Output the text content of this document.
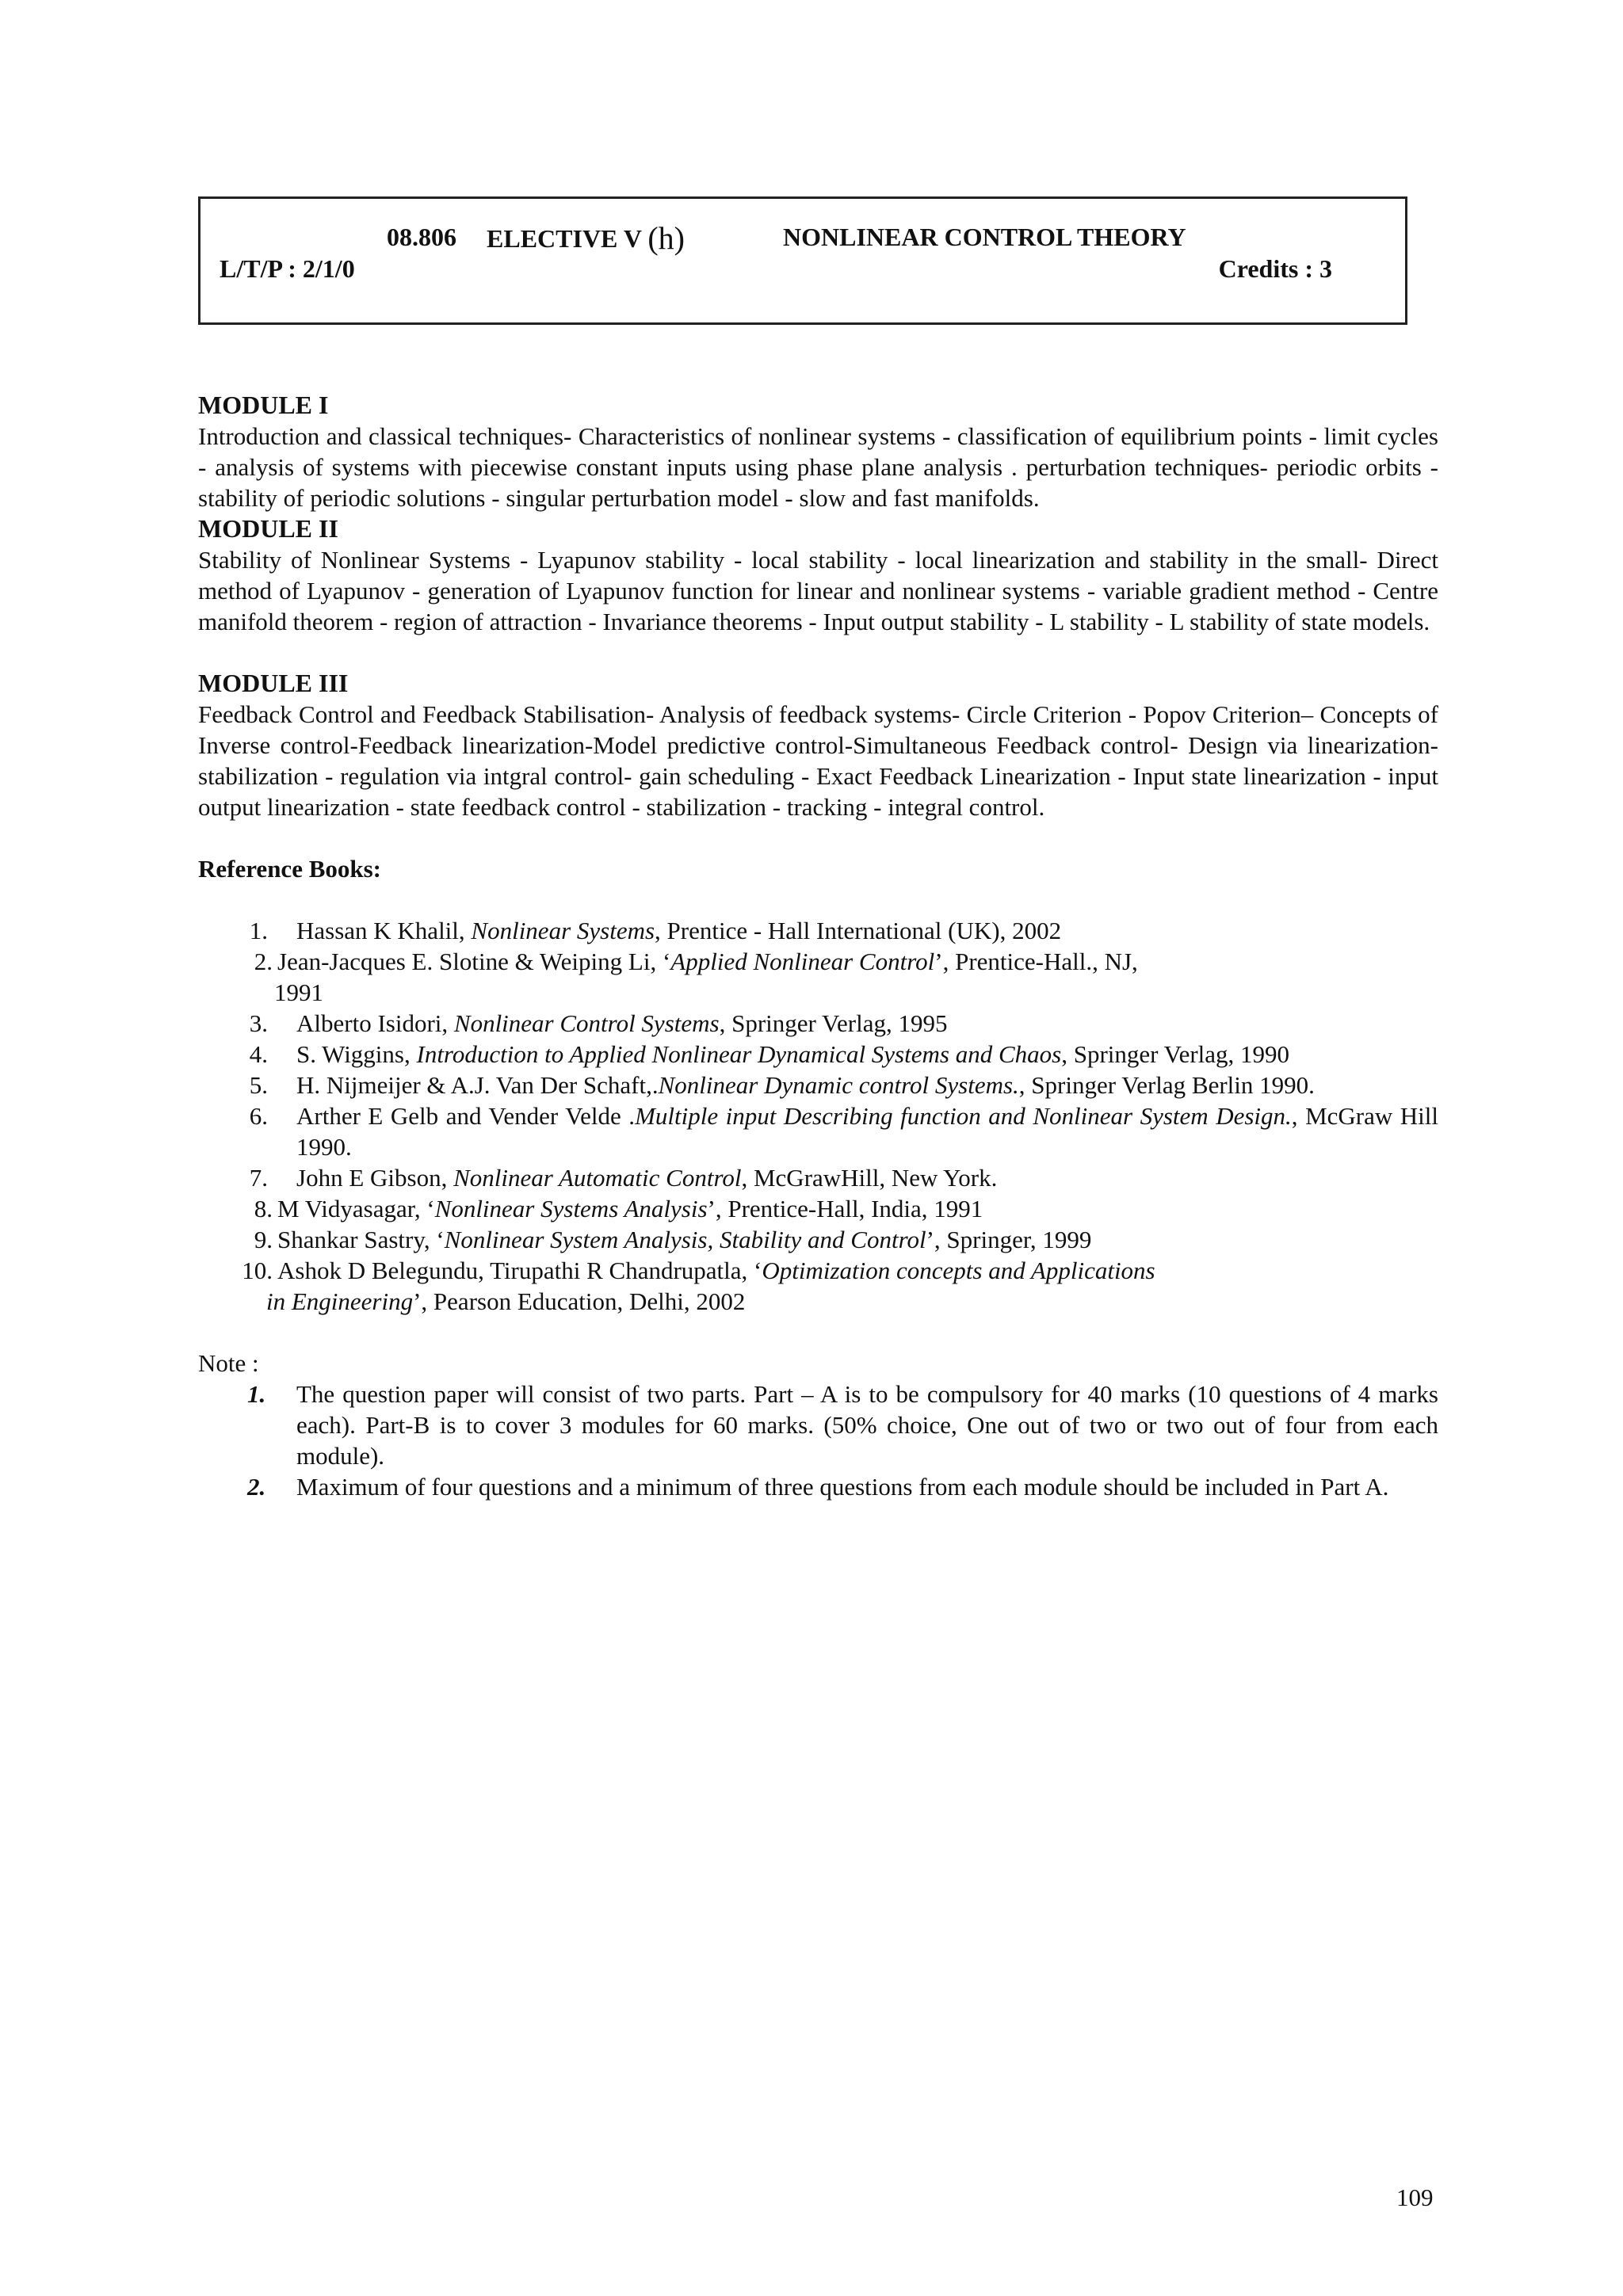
08.806 ELECTIVE V (h)	NONLINEAR CONTROL THEORY
L/T/P : 2/1/0	Credits : 3

MODULE I

Introduction and classical techniques- Characteristics of nonlinear systems - classification of equilibrium points - limit cycles - analysis of systems with piecewise constant inputs using phase plane analysis . perturbation techniques- periodic orbits - stability of periodic solutions - singular perturbation model - slow and fast manifolds.

MODULE II

Stability of Nonlinear Systems - Lyapunov stability - local stability - local linearization and stability in the small- Direct method of Lyapunov - generation of Lyapunov function for linear and nonlinear systems - variable gradient method - Centre manifold theorem - region of attraction - Invariance theorems - Input output stability - L stability - L stability of state models.

MODULE III

Feedback Control and Feedback Stabilisation- Analysis of feedback systems- Circle Criterion - Popov Criterion– Concepts of Inverse control-Feedback linearization-Model predictive control-Simultaneous Feedback control- Design via linearization- stabilization - regulation via intgral control- gain scheduling - Exact Feedback Linearization - Input state linearization - input output linearization - state feedback control - stabilization - tracking - integral control.

Reference Books:

1. Hassan K Khalil, Nonlinear Systems, Prentice - Hall International (UK), 2002
2. Jean-Jacques E. Slotine & Weiping Li, ‘Applied Nonlinear Control’, Prentice-Hall., NJ,
1991
3. Alberto Isidori, Nonlinear Control Systems, Springer Verlag, 1995
4. S. Wiggins, Introduction to Applied Nonlinear Dynamical Systems and Chaos, Springer Verlag, 1990
5. H. Nijmeijer & A.J. Van Der Schaft,.Nonlinear Dynamic control Systems., Springer Verlag Berlin 1990.
6. Arther E Gelb and Vender Velde .Multiple input Describing function and Nonlinear System Design., McGraw Hill 1990.
7. John E Gibson, Nonlinear Automatic Control, McGrawHill, New York.
8. M Vidyasagar, ‘Nonlinear Systems Analysis’, Prentice-Hall, India, 1991
9. Shankar Sastry, ‘Nonlinear System Analysis, Stability and Control’, Springer, 1999
10. Ashok D Belegundu, Tirupathi R Chandrupatla, ‘Optimization concepts and Applications
in Engineering’, Pearson Education, Delhi, 2002

Note :

1. The question paper will consist of two parts. Part – A is to be compulsory for 40 marks (10 questions of 4 marks each). Part-B is to cover 3 modules for 60 marks. (50% choice, One out of two or two out of four from each module).
2. Maximum of four questions and a minimum of three questions from each module should be included in Part A.
109
